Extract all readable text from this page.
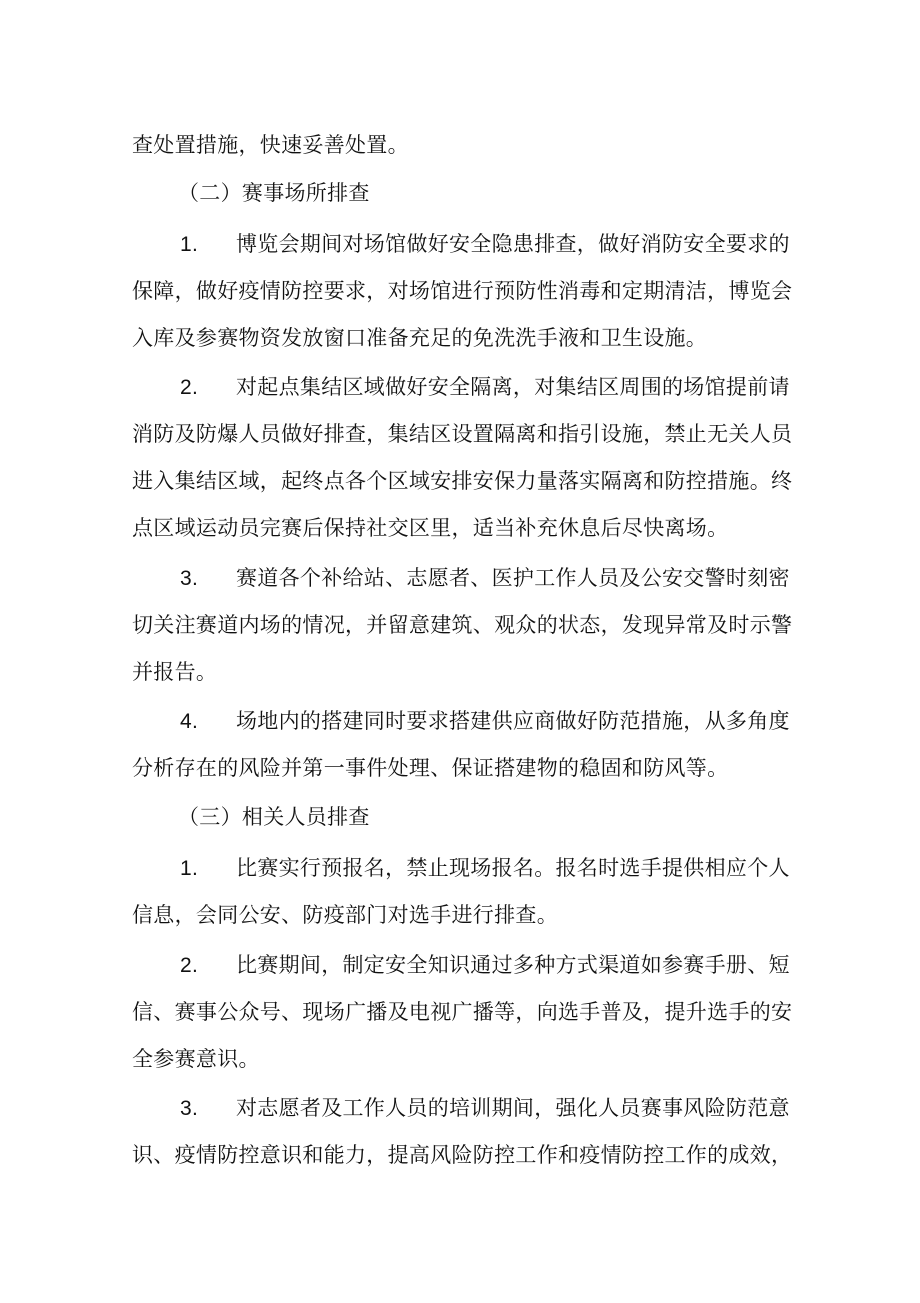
查处置措施，快速妥善处置。
（二）赛事场所排查
1. 博览会期间对场馆做好安全隐患排查，做好消防安全要求的
保障，做好疫情防控要求，对场馆进行预防性消毒和定期清洁，博览会
入库及参赛物资发放窗口准备充足的免洗洗手液和卫生设施。
2. 对起点集结区域做好安全隔离，对集结区周围的场馆提前请
消防及防爆人员做好排查，集结区设置隔离和指引设施，禁止无关人员
进入集结区域，起终点各个区域安排安保力量落实隔离和防控措施。终
点区域运动员完赛后保持社交区里，适当补充休息后尽快离场。
3. 赛道各个补给站、志愿者、医护工作人员及公安交警时刻密
切关注赛道内场的情况，并留意建筑、观众的状态，发现异常及时示警
并报告。
4. 场地内的搭建同时要求搭建供应商做好防范措施，从多角度
分析存在的风险并第一事件处理、保证搭建物的稳固和防风等。
（三）相关人员排查
1. 比赛实行预报名，禁止现场报名。报名时选手提供相应个人
信息，会同公安、防疫部门对选手进行排查。
2. 比赛期间，制定安全知识通过多种方式渠道如参赛手册、短
信、赛事公众号、现场广播及电视广播等，向选手普及，提升选手的安
全参赛意识。
3. 对志愿者及工作人员的培训期间，强化人员赛事风险防范意
识、疫情防控意识和能力，提高风险防控工作和疫情防控工作的成效，
